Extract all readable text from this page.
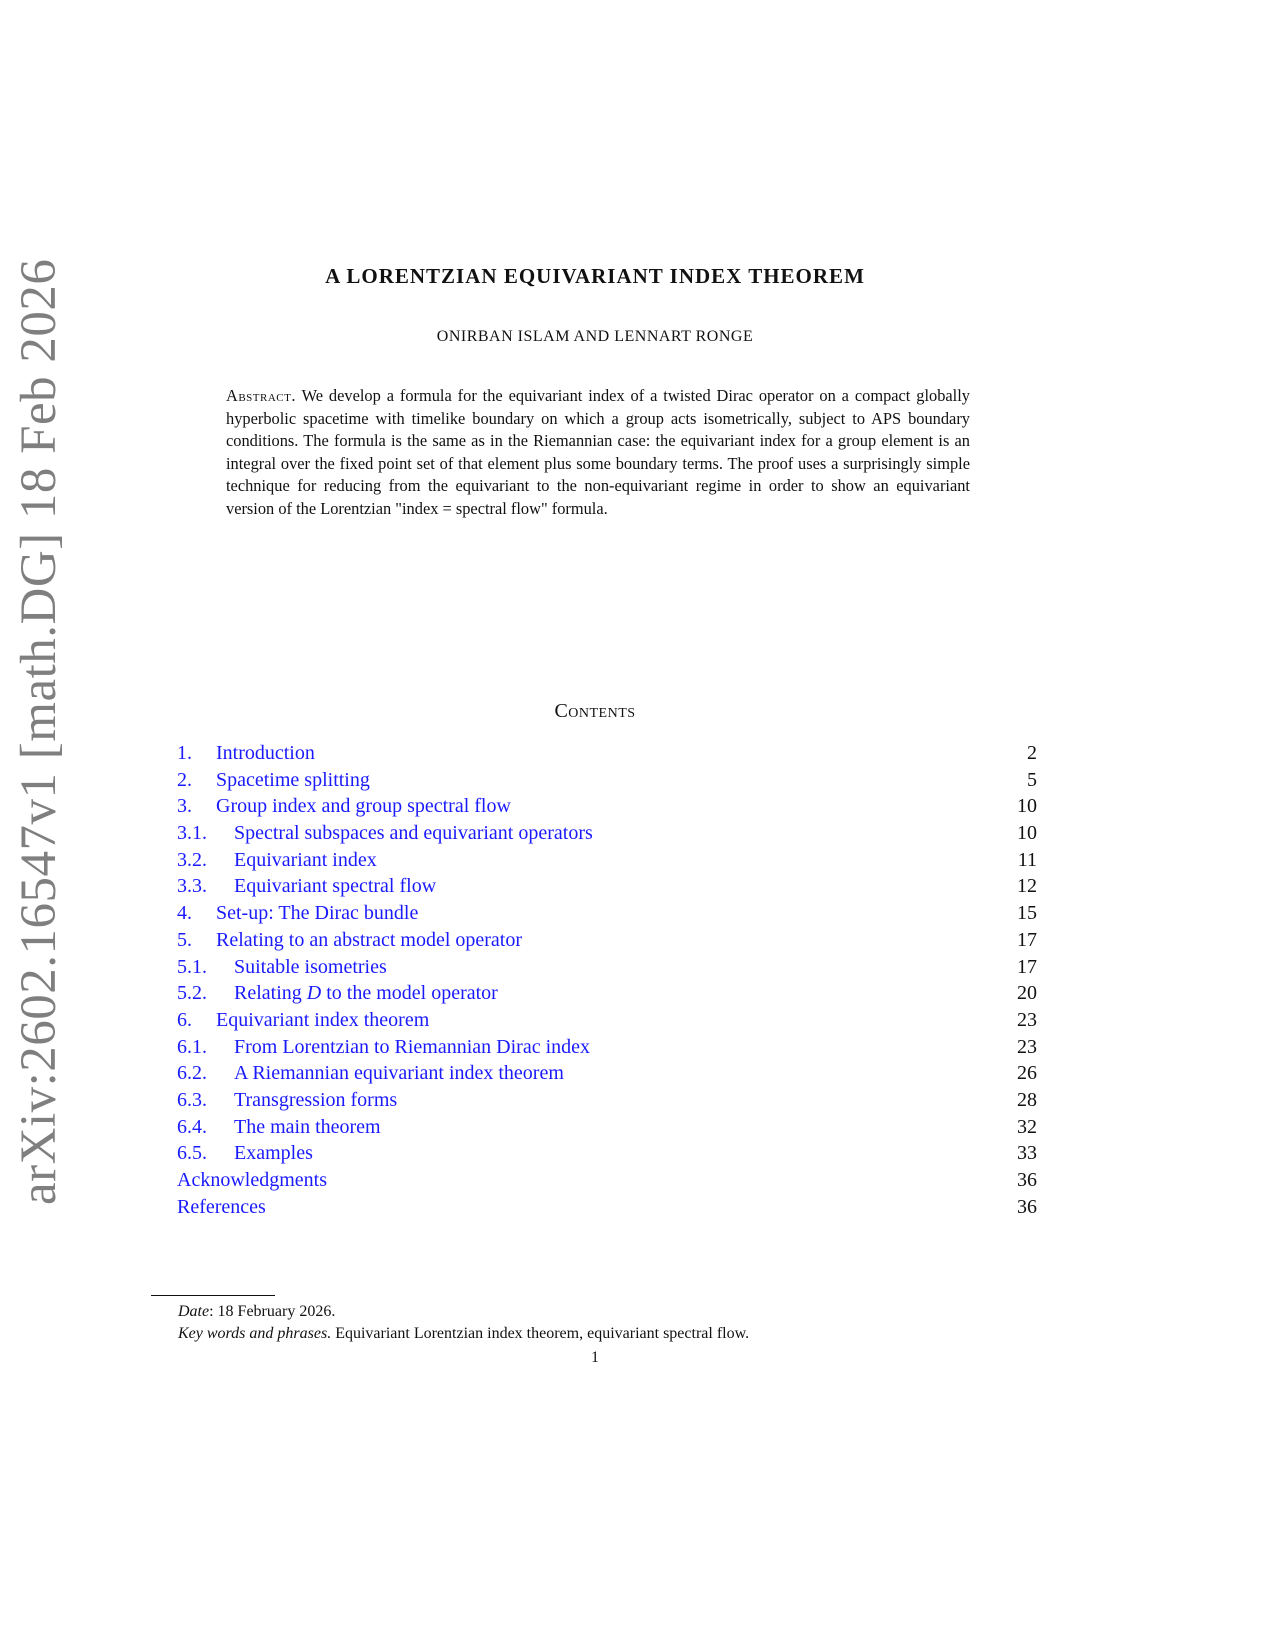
arXiv:2602.16547v1 [math.DG] 18 Feb 2026	A LORENTZIAN EQUIVARIANT INDEX THEOREM
ONIRBAN ISLAM AND LENNART RONGE
Abstract. We develop a formula for the equivariant index of a twisted Dirac operator on a compact globally hyperbolic spacetime with timelike boundary on which a group acts isometrically, subject to APS boundary conditions. The formula is the same as in the Riemannian case: the equivariant index for a group element is an integral over the fixed point set of that element plus some boundary terms. The proof uses a surprisingly simple technique for reducing from the equivariant to the non-equivariant regime in order to show an equivariant version of the Lorentzian "index = spectral flow" formula.
Contents
1. Introduction	2
2. Spacetime splitting	5
3. Group index and group spectral flow	10
3.1. Spectral subspaces and equivariant operators	10
3.2. Equivariant index	11
3.3. Equivariant spectral flow	12
4. Set-up: The Dirac bundle	15
5. Relating to an abstract model operator	17
5.1. Suitable isometries	17
5.2. Relating D to the model operator	20
6. Equivariant index theorem	23
6.1. From Lorentzian to Riemannian Dirac index	23
6.2. A Riemannian equivariant index theorem	26
6.3. Transgression forms	28
6.4. The main theorem	32
6.5. Examples	33
Acknowledgments	36
References	36
Date: 18 February 2026.
Key words and phrases. Equivariant Lorentzian index theorem, equivariant spectral flow.
1
